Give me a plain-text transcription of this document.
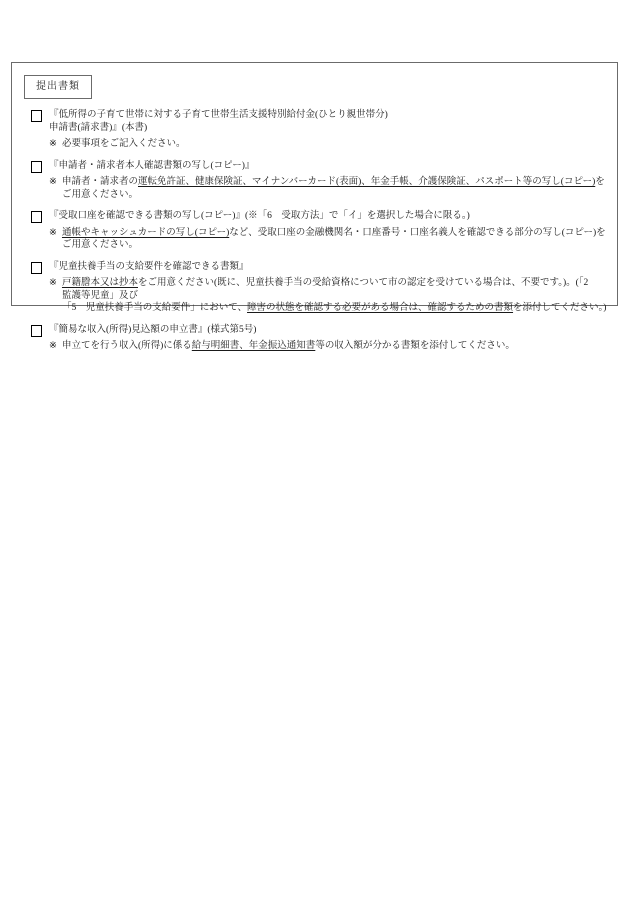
提出書類
『低所得の子育て世帯に対する子育て世帯生活支援特別給付金(ひとり親世帯分)
申請書(請求書)』(本書)
※ 必要事項をご記入ください。
『申請者・請求者本人確認書類の写し(コピー)』
※ 申請者・請求者の運転免許証、健康保険証、マイナンバーカード(表面)、年金手帳、介護保険証、パスポート等の写し(コピー)をご用意ください。
『受取口座を確認できる書類の写し(コピー)』(※「6　受取方法」で「イ」を選択した場合に限る。)
※ 通帳やキャッシュカードの写し(コピー)など、受取口座の金融機関名・口座番号・口座名義人を確認できる部分の写し(コピー)をご用意ください。
『児童扶養手当の支給要件を確認できる書類』
※ 戸籍謄本又は抄本をご用意ください(既に、児童扶養手当の受給資格について市の認定を受けている場合は、不要です。)。(「2　監護等児童」及び
「5　児童扶養手当の支給要件」において、障害の状態を確認する必要がある場合は、確認するための書類を添付してください。)
『簡易な収入(所得)見込額の申立書』(様式第5号)
※ 申立てを行う収入(所得)に係る給与明細書、年金振込通知書等の収入額が分かる書類を添付してください。
